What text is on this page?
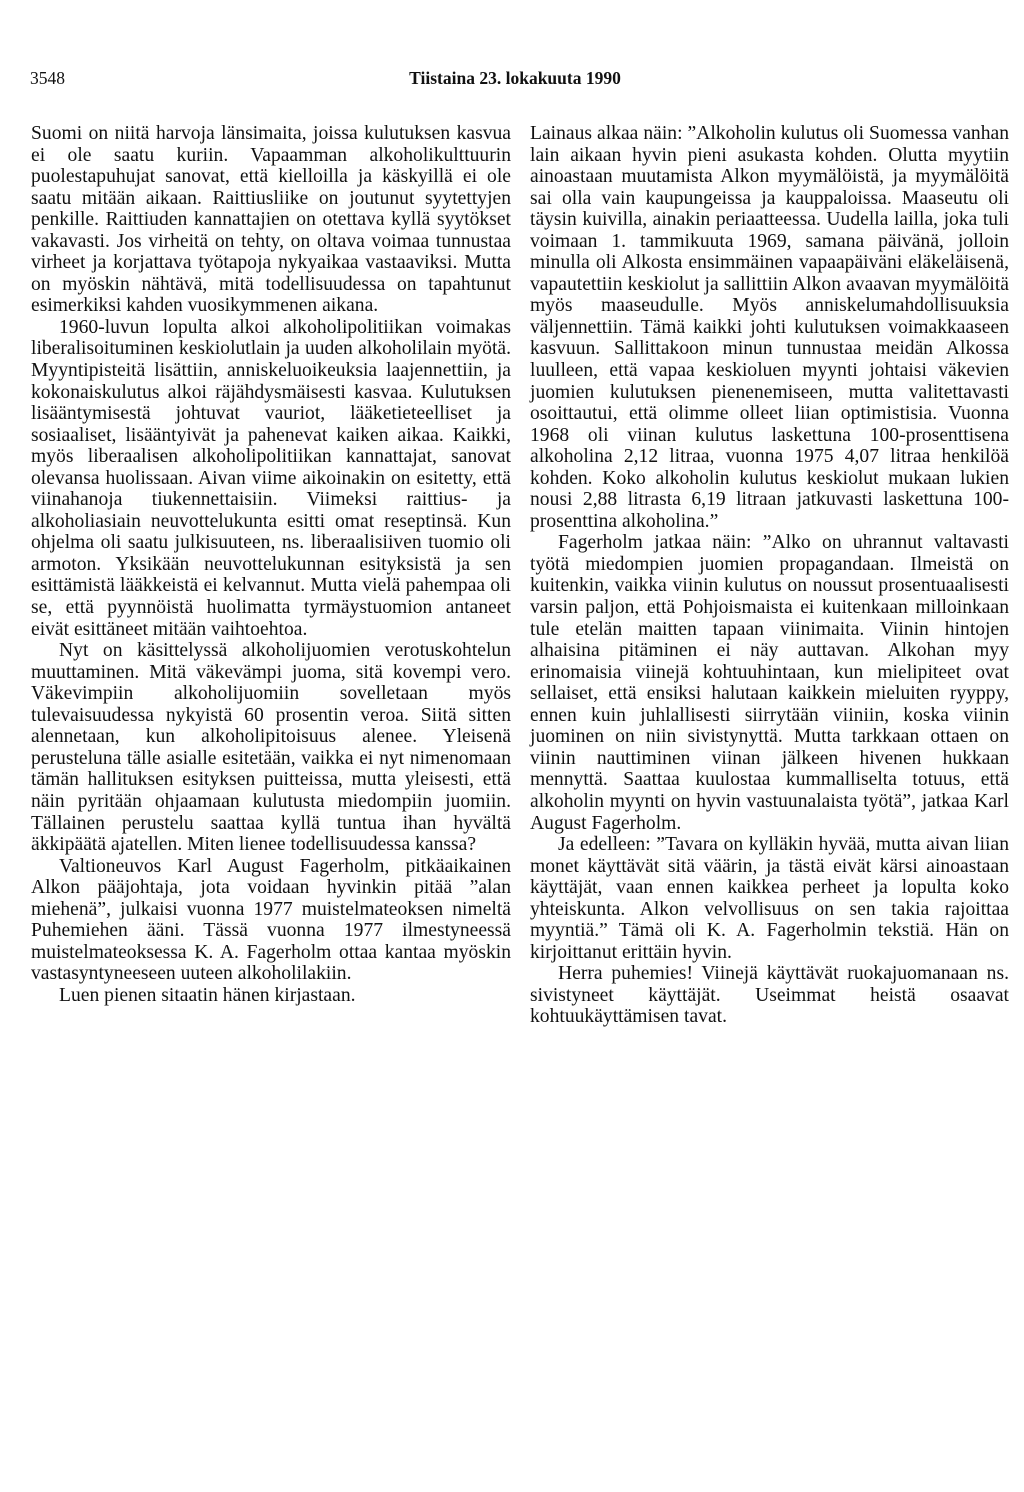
3548	Tiistaina 23. lokakuuta 1990

Suomi on niitä harvoja länsimaita, joissa kulutuksen kasvua ei ole saatu kuriin. Vapaamman alkoholikulttuurin puolestapuhujat sanovat, että kielloilla ja käskyillä ei ole saatu mitään aikaan. Raittiusliike on joutunut syytettyjen penkille. Raittiuden kannattajien on otettava kyllä syytökset vakavasti. Jos virheitä on tehty, on oltava voimaa tunnustaa virheet ja korjattava työtapoja nykyaikaa vastaaviksi. Mutta on myöskin nähtävä, mitä todellisuudessa on tapahtunut esimerkiksi kahden vuosikymmenen aikana.

1960-luvun lopulta alkoi alkoholipolitiikan voimakas liberalisoituminen keskiolutlain ja uuden alkoholilain myötä. Myyntipisteitä lisättiin, anniskeluoikeuksia laajennettiin, ja kokonaiskulutus alkoi räjähdysmäisesti kasvaa. Kulutuksen lisääntymisestä johtuvat vauriot, lääketieteelliset ja sosiaaliset, lisääntyivät ja pahenevat kaiken aikaa. Kaikki, myös liberaalisen alkoholipolitiikan kannattajat, sanovat olevansa huolissaan. Aivan viime aikoinakin on esitetty, että viinahanoja tiukennettaisiin. Viimeksi raittius- ja alkoholiasiain neuvottelukunta esitti omat reseptinsä. Kun ohjelma oli saatu julkisuuteen, ns. liberaalisiiven tuomio oli armoton. Yksikään neuvottelukunnan esityksistä ja sen esittämistä lääkkeistä ei kelvannut. Mutta vielä pahempaa oli se, että pyynnöistä huolimatta tyrmäystuomion antaneet eivät esittäneet mitään vaihtoehtoa.

Nyt on käsittelyssä alkoholijuomien verotuskohtelun muuttaminen. Mitä väkevämpi juoma, sitä kovempi vero. Väkevimpiin alkoholijuomiin sovelletaan myös tulevaisuudessa nykyistä 60 prosentin veroa. Siitä sitten alennetaan, kun alkoholipitoisuus alenee. Yleisenä perusteluna tälle asialle esitetään, vaikka ei nyt nimenomaan tämän hallituksen esityksen puitteissa, mutta yleisesti, että näin pyritään ohjaamaan kulutusta miedompiin juomiin. Tällainen perustelu saattaa kyllä tuntua ihan hyvältä äkkipäätä ajatellen. Miten lienee todellisuudessa kanssa?

Valtioneuvos Karl August Fagerholm, pitkäaikainen Alkon pääjohtaja, jota voidaan hyvinkin pitää ”alan miehenä”, julkaisi vuonna 1977 muistelmateoksen nimeltä Puhemiehen ääni. Tässä vuonna 1977 ilmestyneessä muistelmateoksessa K. A. Fagerholm ottaa kantaa myöskin vastasyntyneeseen uuteen alkoholilakiin.

Luen pienen sitaatin hänen kirjastaan.

Lainaus alkaa näin: ”Alkoholin kulutus oli Suomessa vanhan lain aikaan hyvin pieni asukasta kohden. Olutta myytiin ainoastaan muutamista Alkon myymälöistä, ja myymälöitä sai olla vain kaupungeissa ja kauppaloissa. Maaseutu oli täysin kuivilla, ainakin periaatteessa. Uudella lailla, joka tuli voimaan 1. tammikuuta 1969, samana päivänä, jolloin minulla oli Alkosta ensimmäinen vapaapäiväni eläkeläisenä, vapautettiin keskiolut ja sallittiin Alkon avaavan myymälöitä myös maaseudulle. Myös anniskelumahdollisuuksia väljennettiin. Tämä kaikki johti kulutuksen voimakkaaseen kasvuun. Sallittakoon minun tunnustaa meidän Alkossa luulleen, että vapaa keskioluen myynti johtaisi väkevien juomien kulutuksen pienenemiseen, mutta valitettavasti osoittautui, että olimme olleet liian optimistisia. Vuonna 1968 oli viinan kulutus laskettuna 100-prosenttisena alkoholina 2,12 litraa, vuonna 1975 4,07 litraa henkilöä kohden. Koko alkoholin kulutus keskiolut mukaan lukien nousi 2,88 litrasta 6,19 litraan jatkuvasti laskettuna 100-prosenttina alkoholina.”

Fagerholm jatkaa näin: ”Alko on uhrannut valtavasti työtä miedompien juomien propagandaan. Ilmeistä on kuitenkin, vaikka viinin kulutus on noussut prosentuaalisesti varsin paljon, että Pohjoismaista ei kuitenkaan milloinkaan tule etelän maitten tapaan viinimaita. Viinin hintojen alhaisina pitäminen ei näy auttavan. Alkohan myy erinomaisia viinejä kohtuuhintaan, kun mielipiteet ovat sellaiset, että ensiksi halutaan kaikkein mieluiten ryyppy, ennen kuin juhlallisesti siirrytään viiniin, koska viinin juominen on niin sivistynyttä. Mutta tarkkaan ottaen on viinin nauttiminen viinan jälkeen hivenen hukkaan mennyttä. Saattaa kuulostaa kummalliselta totuus, että alkoholin myynti on hyvin vastuunalaista työtä”, jatkaa Karl August Fagerholm.

Ja edelleen: ”Tavara on kylläkin hyvää, mutta aivan liian monet käyttävät sitä väärin, ja tästä eivät kärsi ainoastaan käyttäjät, vaan ennen kaikkea perheet ja lopulta koko yhteiskunta. Alkon velvollisuus on sen takia rajoittaa myyntiä.” Tämä oli K. A. Fagerholmin tekstiä. Hän on kirjoittanut erittäin hyvin.

Herra puhemies! Viinejä käyttävät ruokajuomanaan ns. sivistyneet käyttäjät. Useimmat heistä osaavat kohtuukäyttämisen tavat.
